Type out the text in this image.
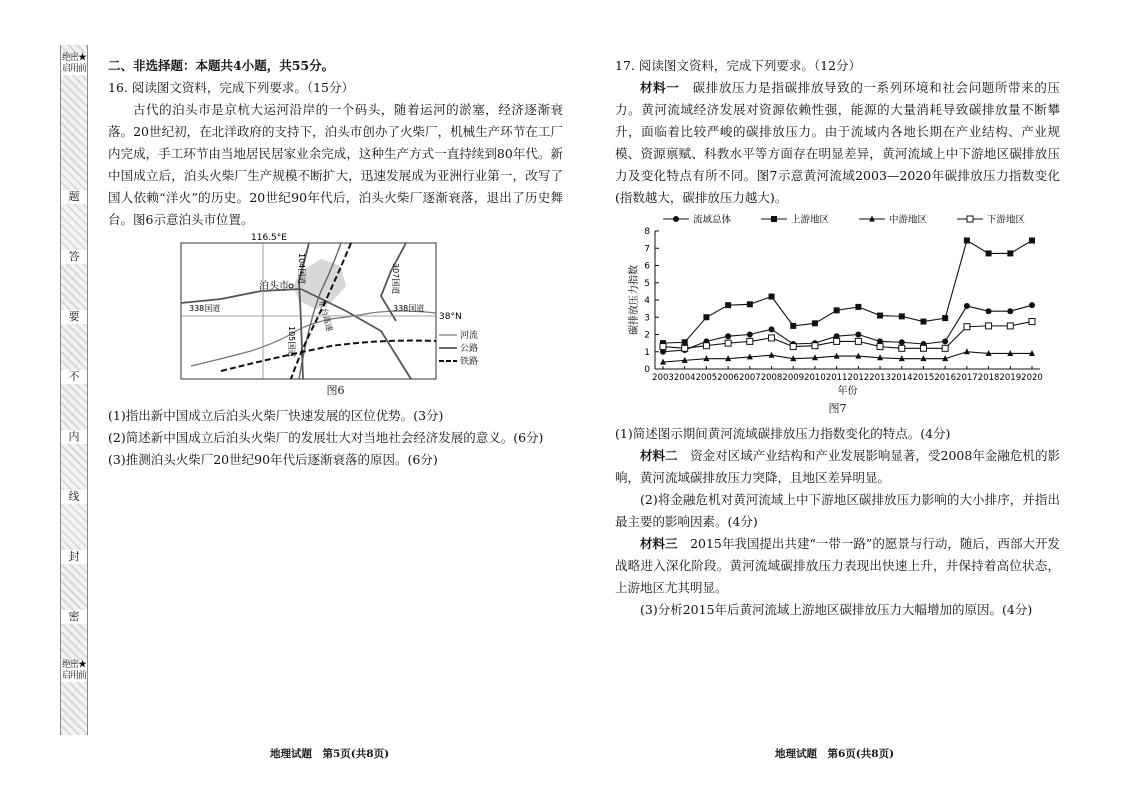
绝密★启用前
题
答
要
不
内
线
封
密
绝密★启用前

二、非选择题：本题共4小题，共55分。

16. 阅读图文资料，完成下列要求。（15分）

古代的泊头市是京杭大运河沿岸的一个码头，随着运河的淤塞，经济逐渐衰落。20世纪初，在北洋政府的支持下，泊头市创办了火柴厂，机械生产环节在工厂内完成，手工环节由当地居民居家业余完成，这种生产方式一直持续到80年代。新中国成立后，泊头火柴厂生产规模不断扩大，迅速发展成为亚洲行业第一，改写了国人依赖“洋火”的历史。20世纪90年代后，泊头火柴厂逐渐衰落，退出了历史舞台。图6示意泊头市位置。

116.5°E
38°N
泊头市
104国道
105国道
307国道
338国道	338国道
京台高速
河流
公路
铁路
图6

(1)指出新中国成立后泊头火柴厂快速发展的区位优势。(3分)

(2)简述新中国成立后泊头火柴厂的发展壮大对当地社会经济发展的意义。(6分)

(3)推测泊头火柴厂20世纪90年代后逐渐衰落的原因。(6分)

17. 阅读图文资料，完成下列要求。（12分）

材料一　 碳排放压力是指碳排放导致的一系列环境和社会问题所带来的压力。黄河流域经济发展对资源依赖性强，能源的大量消耗导致碳排放量不断攀升，面临着比较严峻的碳排放压力。由于流域内各地长期在产业结构、产业规模、资源禀赋、科教水平等方面存在明显差异，黄河流域上中下游地区碳排放压力及变化特点有所不同。图7示意黄河流域2003—2020年碳排放压力指数变化(指数越大，碳排放压力越大)。

流域总体	上游地区	中游地区	下游地区
0
1
2
3
4
5
6
7
8
2003 2004 2005 2006 2007 2008 2009 2010 2011 2012 2013 2014 2015 2016 2017 2018 2019 2020
碳排放压力指数
年份
图7

(1)简述图示期间黄河流域碳排放压力指数变化的特点。(4分)

材料二　 资金对区域产业结构和产业发展影响显著，受2008年金融危机的影响，黄河流域碳排放压力突降，且地区差异明显。

(2)将金融危机对黄河流域上中下游地区碳排放压力影响的大小排序，并指出最主要的影响因素。(4分)

材料三　 2015年我国提出共建“一带一路”的愿景与行动，随后，西部大开发战略进入深化阶段。黄河流域碳排放压力表现出快速上升，并保持着高位状态，上游地区尤其明显。

(3)分析2015年后黄河流域上游地区碳排放压力大幅增加的原因。(4分)

地理试题　第5页(共8页)	地理试题　第6页(共8页)
